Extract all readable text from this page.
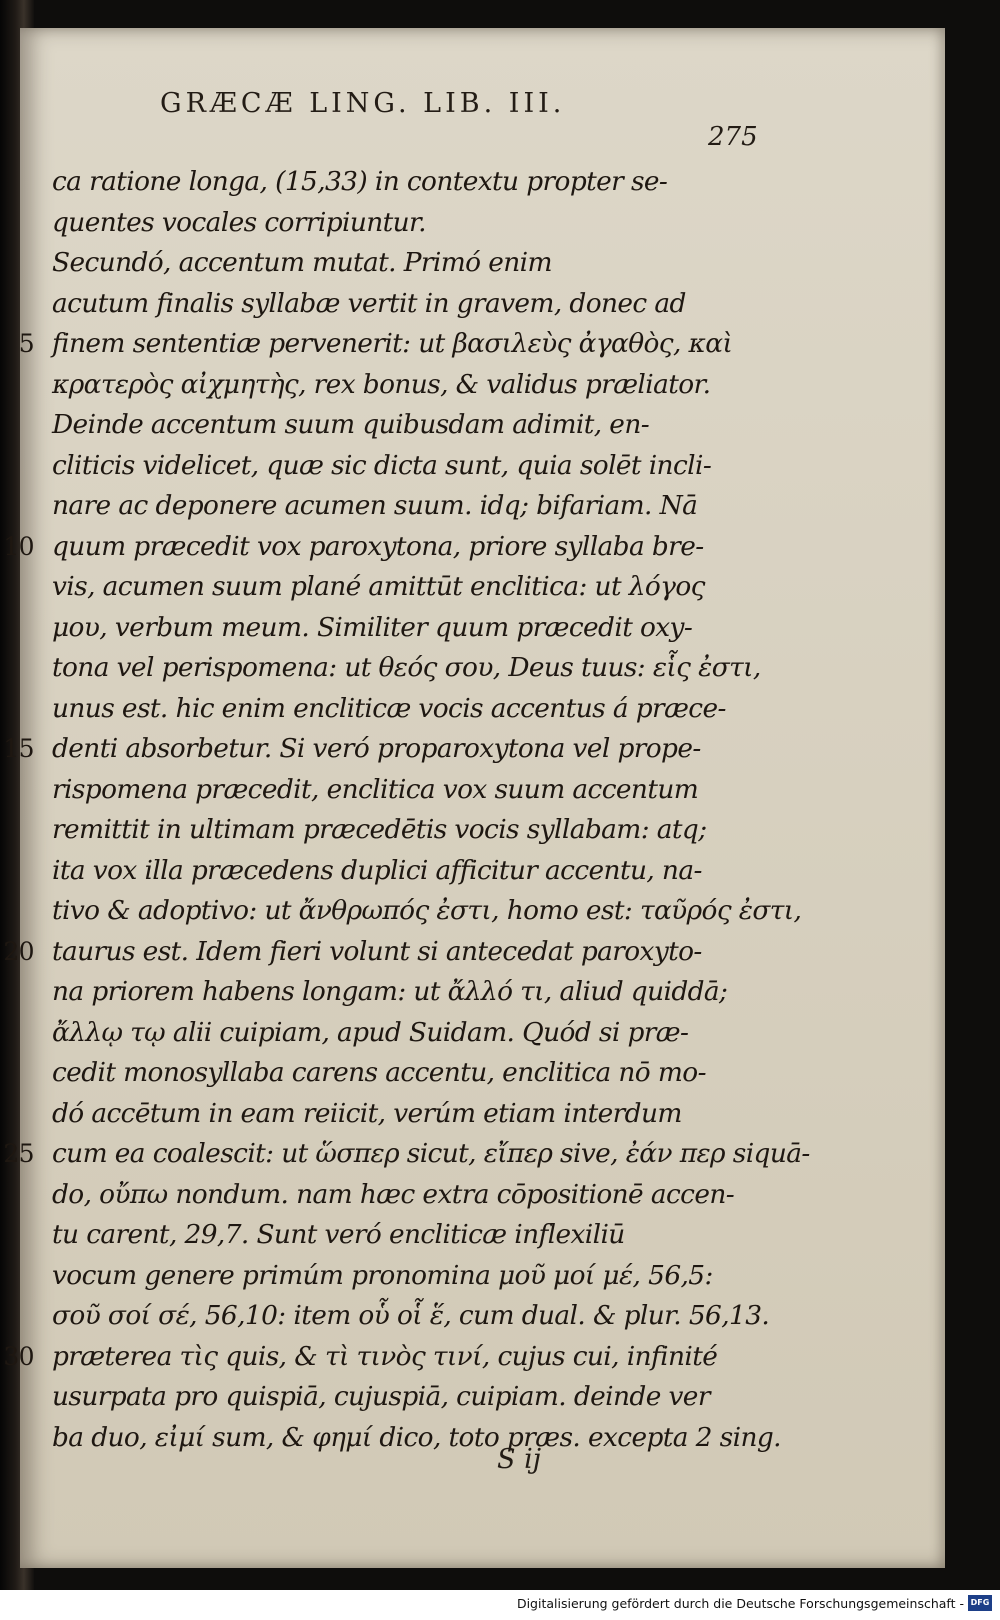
GRÆCÆ LING. LIB. III.
275
ca ratione longa, (15,33) in contextu propter se-
quentes vocales corripiuntur.
Secundó, accentum mutat. Primó enim
acutum finalis syllabæ vertit in gravem, donec ad
5 finem sententiæ pervenerit: ut βασιλεὺς ἀγαθὸς, καὶ
κρατερὸς αἰχμητὴς, rex bonus, & validus præliator.
Deinde accentum suum quibusdam adimit, en-
cliticis videlicet, quæ sic dicta sunt, quia solēt incli-
nare ac deponere acumen suum. idq; bifariam. Nā
10 quum præcedit vox paroxytona, priore syllaba bre-
vis, acumen suum plané amittūt enclitica: ut λόγος
μου, verbum meum. Similiter quum præcedit oxy-
tona vel perispomena: ut θεός σου, Deus tuus: εἷς ἐστι,
unus est. hic enim encliticæ vocis accentus á præce-
15 denti absorbetur. Si veró proparoxytona vel prope-
rispomena præcedit, enclitica vox suum accentum
remittit in ultimam præcedētis vocis syllabam: atq;
ita vox illa præcedens duplici afficitur accentu, na-
tivo & adoptivo: ut ἄνθρωπός ἐστι, homo est: ταῦρός ἐστι,
20 taurus est. Idem fieri volunt si antecedat paroxyto-
na priorem habens longam: ut ἄλλό τι, aliud quiddā;
ἄλλῳ τῳ alii cuipiam, apud Suidam. Quód si præ-
cedit monosyllaba carens accentu, enclitica nō mo-
dó accētum in eam reiicit, verúm etiam interdum
25 cum ea coalescit: ut ὥσπερ sicut, εἴπερ sive, ἐάν περ siquā-
do, οὔπω nondum. nam hæc extra cōpositionē accen-
tu carent, 29,7. Sunt veró encliticæ inflexiliū
vocum genere primúm pronomina μοῦ μοί μέ, 56,5:
σοῦ σοί σέ, 56,10: item οὗ οἷ ἕ, cum dual. & plur. 56,13.
30 præterea τὶς quis, & τὶ τινὸς τινί, cujus cui, infinité
usurpata pro quispiā, cujuspiā, cuipiam. deinde ver
ba duo, εἰμί sum, & φημί dico, toto præs. excepta 2 sing.
S ij
Digitalisierung gefördert durch die Deutsche Forschungsgemeinschaft - DFG
